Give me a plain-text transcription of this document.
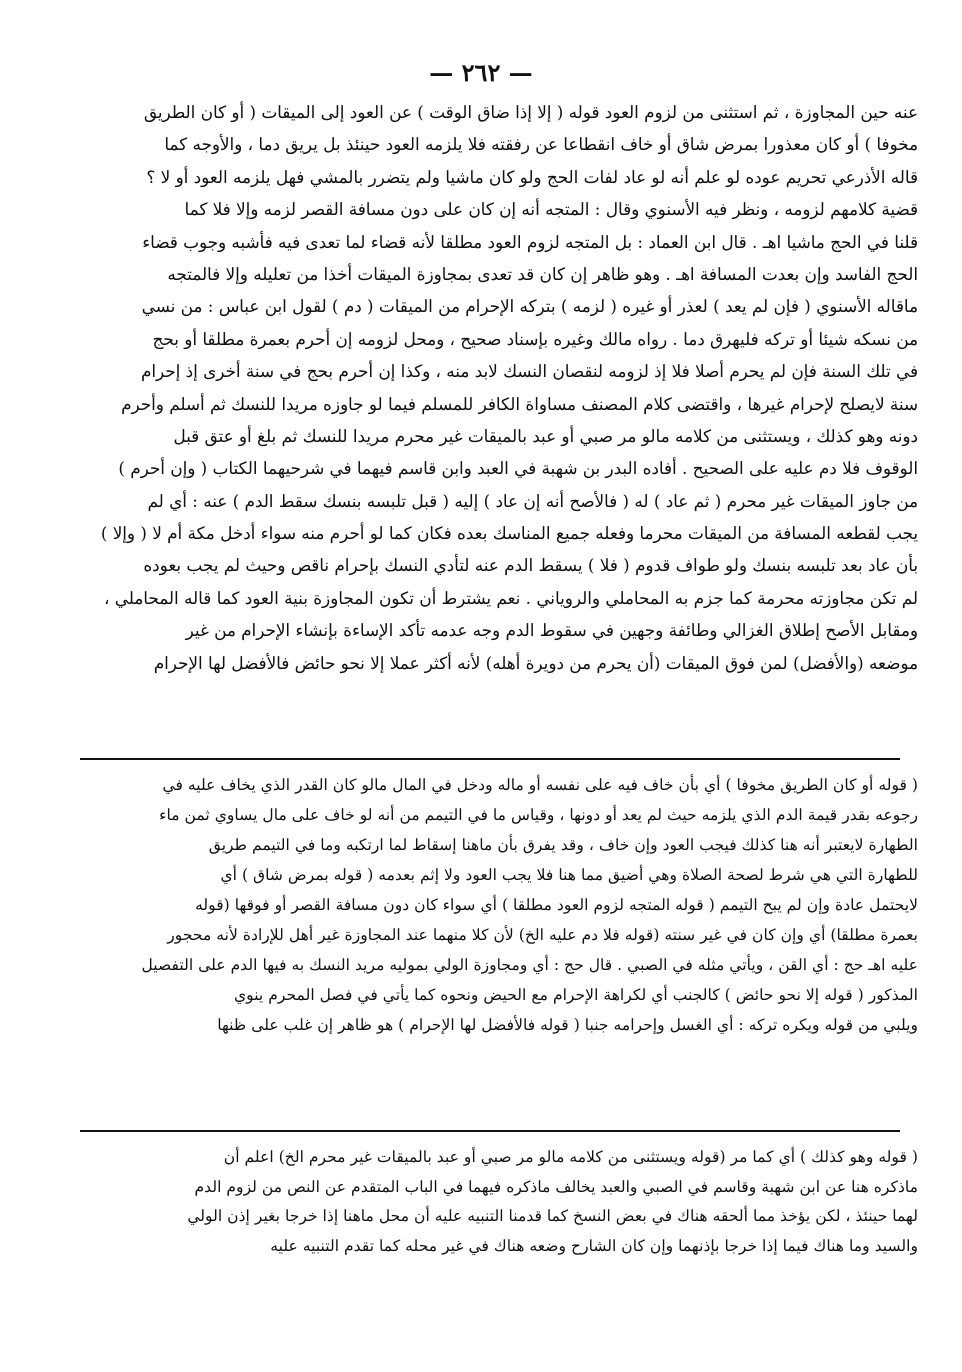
— ٢٦٢ —
عنه حين المجاوزة ، ثم استثنى من لزوم العود قوله ( إلا إذا ضاق الوقت ) عن العود إلى الميقات ( أو كان الطريق
مخوفا ) أو كان معذورا بمرض شاق أو خاف انقطاعا عن رفقته فلا يلزمه العود حينئذ بل يريق دما ، والأوجه كما
قاله الأذرعي تحريم عوده لو علم أنه لو عاد لفات الحج ولو كان ماشيا ولم يتضرر بالمشي فهل يلزمه العود أو لا ؟
قضية كلامهم لزومه ، ونظر فيه الأسنوي وقال : المتجه أنه إن كان على دون مسافة القصر لزمه وإلا فلا كما
قلنا في الحج ماشيا اهـ . قال ابن العماد : بل المتجه لزوم العود مطلقا لأنه قضاء لما تعدى فيه فأشبه وجوب قضاء
الحج الفاسد وإن بعدت المسافة اهـ . وهو ظاهر إن كان قد تعدى بمجاوزة الميقات أخذا من تعليله وإلا فالمتجه
ماقاله الأسنوي ( فإن لم يعد ) لعذر أو غيره ( لزمه ) بتركه الإحرام من الميقات ( دم ) لقول ابن عباس : من نسي
من نسكه شيئا أو تركه فليهرق دما . رواه مالك وغيره بإسناد صحيح ، ومحل لزومه إن أحرم بعمرة مطلقا أو بحج
في تلك السنة فإن لم يحرم أصلا فلا إذ لزومه لنقصان النسك لابد منه ، وكذا إن أحرم بحج في سنة أخرى إذ إحرام
سنة لايصلح لإحرام غيرها ، واقتضى كلام المصنف مساواة الكافر للمسلم فيما لو جاوزه مريدا للنسك ثم أسلم وأحرم
دونه وهو كذلك ، ويستثنى من كلامه مالو مر صبي أو عبد بالميقات غير محرم مريدا للنسك ثم بلغ أو عتق قبل
الوقوف فلا دم عليه على الصحيح . أفاده البدر بن شهبة في العبد وابن قاسم فيهما في شرحيهما الكتاب ( وإن أحرم )
من جاوز الميقات غير محرم ( ثم عاد ) له ( فالأصح أنه إن عاد ) إليه ( قبل تلبسه بنسك سقط الدم ) عنه : أي لم
يجب لقطعه المسافة من الميقات محرما وفعله جميع المناسك بعده فكان كما لو أحرم منه سواء أدخل مكة أم لا ( وإلا )
بأن عاد بعد تلبسه بنسك ولو طواف قدوم ( فلا ) يسقط الدم عنه لتأدي النسك بإحرام ناقص وحيث لم يجب بعوده
لم تكن مجاوزته محرمة كما جزم به المحاملي والروياني . نعم يشترط أن تكون المجاوزة بنية العود كما قاله المحاملي ،
ومقابل الأصح إطلاق الغزالي وطائفة وجهين في سقوط الدم وجه عدمه تأكد الإساءة بإنشاء الإحرام من غير
موضعه (والأفضل) لمن فوق الميقات (أن يحرم من دويرة أهله) لأنه أكثر عملا إلا نحو حائض فالأفضل لها الإحرام
( قوله أو كان الطريق مخوفا ) أي بأن خاف فيه على نفسه أو ماله ودخل في المال مالو كان القدر الذي يخاف عليه في
رجوعه بقدر قيمة الدم الذي يلزمه حيث لم يعد أو دونها ، وقياس ما في التيمم من أنه لو خاف على مال يساوي ثمن ماء
الطهارة لايعتبر أنه هنا كذلك فيجب العود وإن خاف ، وقد يفرق بأن ماهنا إسقاط لما ارتكبه وما في التيمم طريق
للطهارة التي هي شرط لصحة الصلاة وهي أضيق مما هنا فلا يجب العود ولا إثم بعدمه ( قوله بمرض شاق ) أي
لايحتمل عادة وإن لم يبح التيمم ( قوله المتجه لزوم العود مطلقا ) أي سواء كان دون مسافة القصر أو فوقها (قوله
بعمرة مطلقا) أي وإن كان في غير سنته (قوله فلا دم عليه الخ) لأن كلا منهما عند المجاوزة غير أهل للإرادة لأنه محجور
عليه اهـ حج : أي القن ، ويأتي مثله في الصبي . قال حج : أي ومجاوزة الولي بموليه مريد النسك به فيها الدم على التفصيل
المذكور ( قوله إلا نحو حائض ) كالجنب أي لكراهة الإحرام مع الحيض ونحوه كما يأتي في فصل المحرم ينوي
ويلبي من قوله ويكره تركه : أي الغسل وإحرامه جنبا ( قوله فالأفضل لها الإحرام ) هو ظاهر إن غلب على ظنها
( قوله وهو كذلك ) أي كما مر (قوله ويستثنى من كلامه مالو مر صبي أو عبد بالميقات غير محرم الخ) اعلم أن
ماذكره هنا عن ابن شهبة وقاسم في الصبي والعبد يخالف ماذكره فيهما في الباب المتقدم عن النص من لزوم الدم
لهما حينئذ ، لكن يؤخذ مما ألحقه هناك في بعض النسخ كما قدمنا التنبيه عليه أن محل ماهنا إذا خرجا بغير إذن الولي
والسيد وما هناك فيما إذا خرجا بإذنهما وإن كان الشارح وضعه هناك في غير محله كما تقدم التنبيه عليه
